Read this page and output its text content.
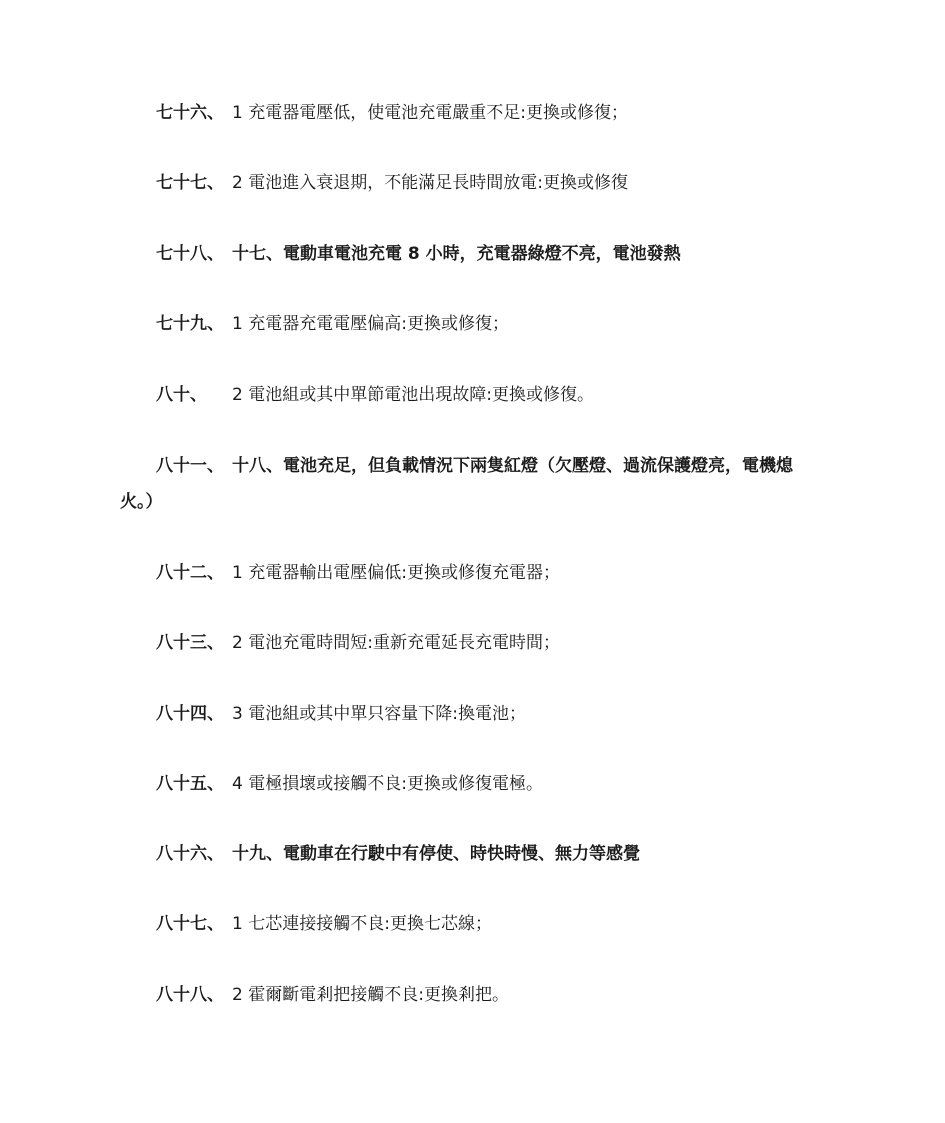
七十六、 1 充電器電壓低，使電池充電嚴重不足:更換或修復；
七十七、 2 電池進入衰退期，不能滿足長時間放電:更換或修復
七十八、 十七、電動車電池充電 8 小時，充電器綠燈不亮，電池發熱
七十九、 1 充電器充電電壓偏高:更換或修復；
八十、 2 電池組或其中單節電池出現故障:更換或修復。
八十一、 十八、電池充足，但負載情況下兩隻紅燈（欠壓燈、過流保護燈亮，電機熄
火。）
八十二、 1 充電器輸出電壓偏低:更換或修復充電器；
八十三、 2 電池充電時間短:重新充電延長充電時間；
八十四、 3 電池組或其中單只容量下降:換電池；
八十五、 4 電極損壞或接觸不良:更換或修復電極。
八十六、 十九、電動車在行駛中有停使、時快時慢、無力等感覺
八十七、 1 七芯連接接觸不良:更換七芯線；
八十八、 2 霍爾斷電剎把接觸不良:更換剎把。
